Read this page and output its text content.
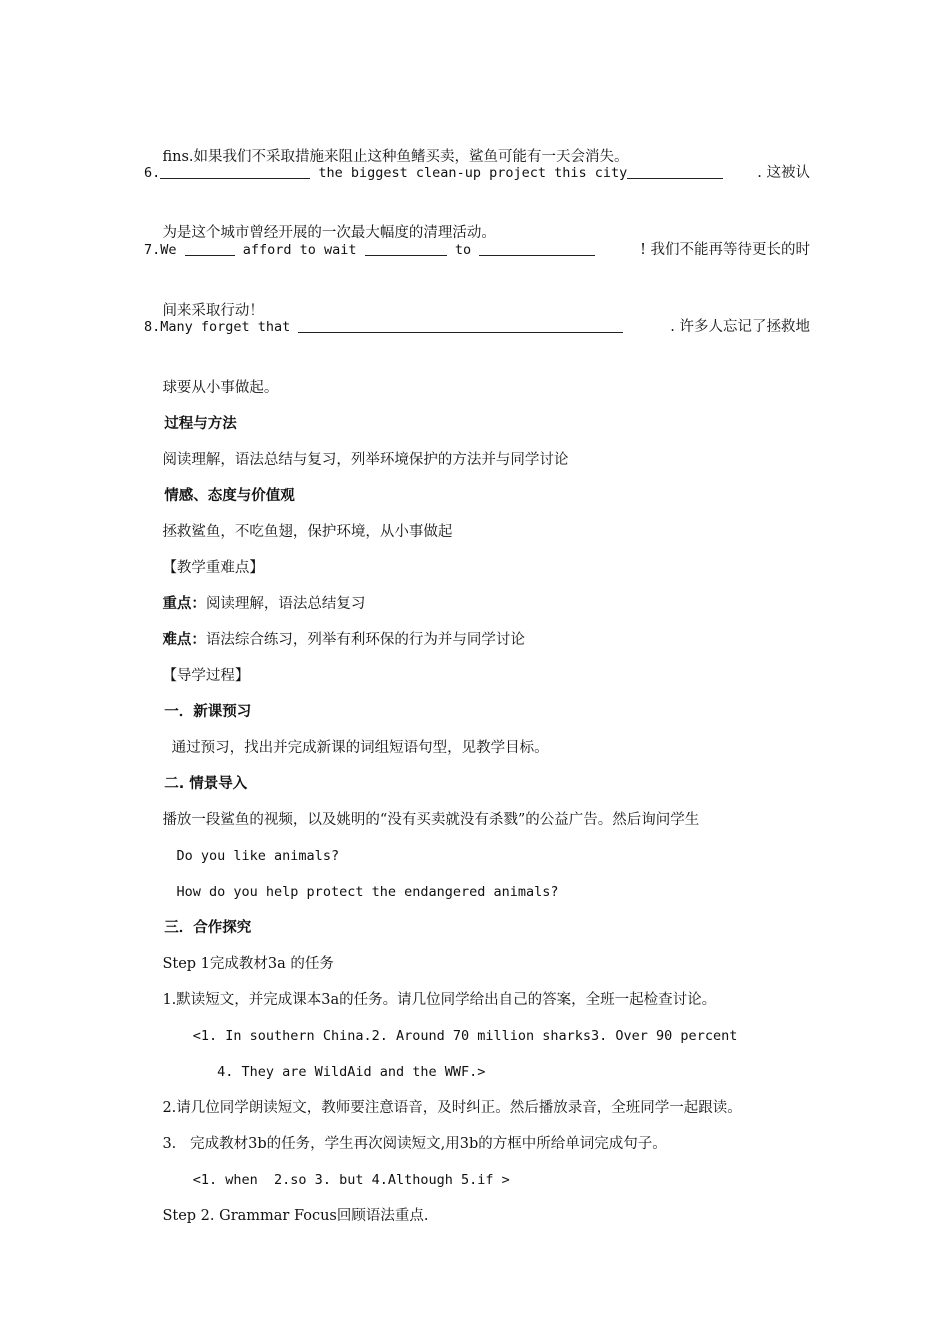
fins.如果我们不采取措施来阻止这种鱼鳍买卖，鲨鱼可能有一天会消失。

6.	the biggest clean-up project this city	. 这被认

为是这个城市曾经开展的一次最大幅度的清理活动。

7.We	afford to wait	to	! 我们不能再等待更长的时

间来采取行动！

8.Many forget that	. 许多人忘记了拯救地

球要从小事做起。

过程与方法

阅读理解，语法总结与复习，列举环境保护的方法并与同学讨论

情感、态度与价值观

拯救鲨鱼，不吃鱼翅，保护环境，从小事做起

【教学重难点】

重点：阅读理解，语法总结复习

难点：语法综合练习，列举有利环保的行为并与同学讨论

【导学过程】

一．新课预习

通过预习，找出并完成新课的词组短语句型，见教学目标。

二. 情景导入

播放一段鲨鱼的视频，以及姚明的“没有买卖就没有杀戮”的公益广告。然后询问学生

Do you like animals?

How do you help protect the endangered animals?

三．合作探究

Step 1完成教材3a 的任务

1.默读短文，并完成课本3a的任务。请几位同学给出自己的答案，全班一起检查讨论。

<1. In southern China.2. Around 70 million sharks3. Over 90 percent

4. They are WildAid and the WWF.>

2.请几位同学朗读短文，教师要注意语音，及时纠正。然后播放录音，全班同学一起跟读。

3.   完成教材3b的任务，学生再次阅读短文,用3b的方框中所给单词完成句子。

<1. when  2.so 3. but 4.Although 5.if >

Step 2. Grammar Focus回顾语法重点.
